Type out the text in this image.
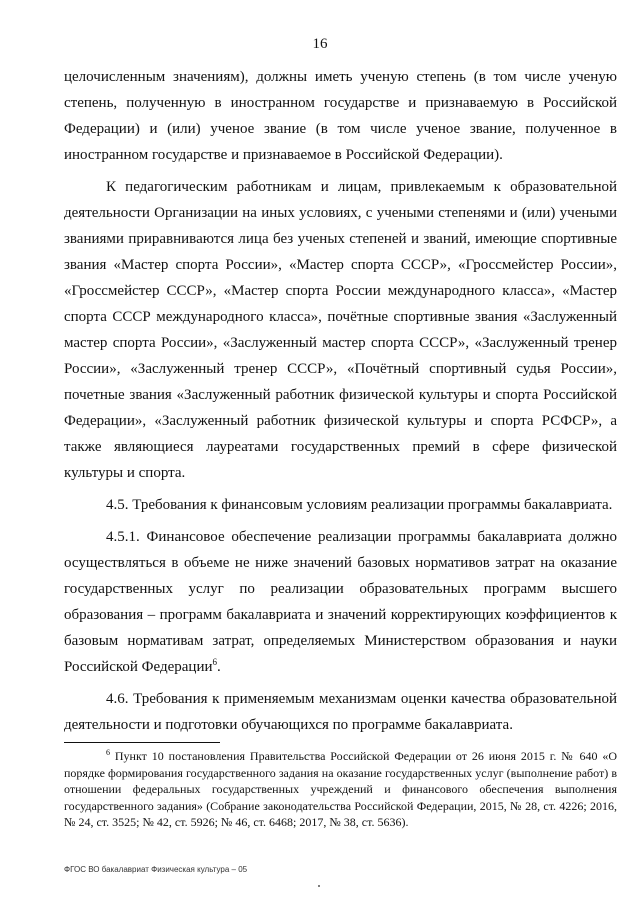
16

целочисленным значениям), должны иметь ученую степень (в том числе ученую степень, полученную в иностранном государстве и признаваемую в Российской Федерации) и (или) ученое звание (в том числе ученое звание, полученное в иностранном государстве и признаваемое в Российской Федерации).

К педагогическим работникам и лицам, привлекаемым к образовательной деятельности Организации на иных условиях, с учеными степенями и (или) учеными званиями приравниваются лица без ученых степеней и званий, имеющие спортивные звания «Мастер спорта России», «Мастер спорта СССР», «Гроссмейстер России», «Гроссмейстер СССР», «Мастер спорта России международного класса», «Мастер спорта СССР международного класса», почётные спортивные звания «Заслуженный мастер спорта России», «Заслуженный мастер спорта СССР», «Заслуженный тренер России», «Заслуженный тренер СССР», «Почётный спортивный судья России», почетные звания «Заслуженный работник физической культуры и спорта Российской Федерации», «Заслуженный работник физической культуры и спорта РСФСР», а также являющиеся лауреатами государственных премий в сфере физической культуры и спорта.

4.5. Требования к финансовым условиям реализации программы бакалавриата.

4.5.1. Финансовое обеспечение реализации программы бакалавриата должно осуществляться в объеме не ниже значений базовых нормативов затрат на оказание государственных услуг по реализации образовательных программ высшего образования – программ бакалавриата и значений корректирующих коэффициентов к базовым нормативам затрат, определяемых Министерством образования и науки Российской Федерации$^6$.

4.6. Требования к применяемым механизмам оценки качества образовательной деятельности и подготовки обучающихся по программе бакалавриата.

$^6$ Пункт 10 постановления Правительства Российской Федерации от 26 июня 2015 г. № 640 «О порядке формирования государственного задания на оказание государственных услуг (выполнение работ) в отношении федеральных государственных учреждений и финансового обеспечения выполнения государственного задания» (Собрание законодательства Российской Федерации, 2015, № 28, ст. 4226; 2016, № 24, ст. 3525; № 42, ст. 5926; № 46, ст. 6468; 2017, № 38, ст. 5636).

ФГОС ВО бакалавриат Физическая культура – 05
